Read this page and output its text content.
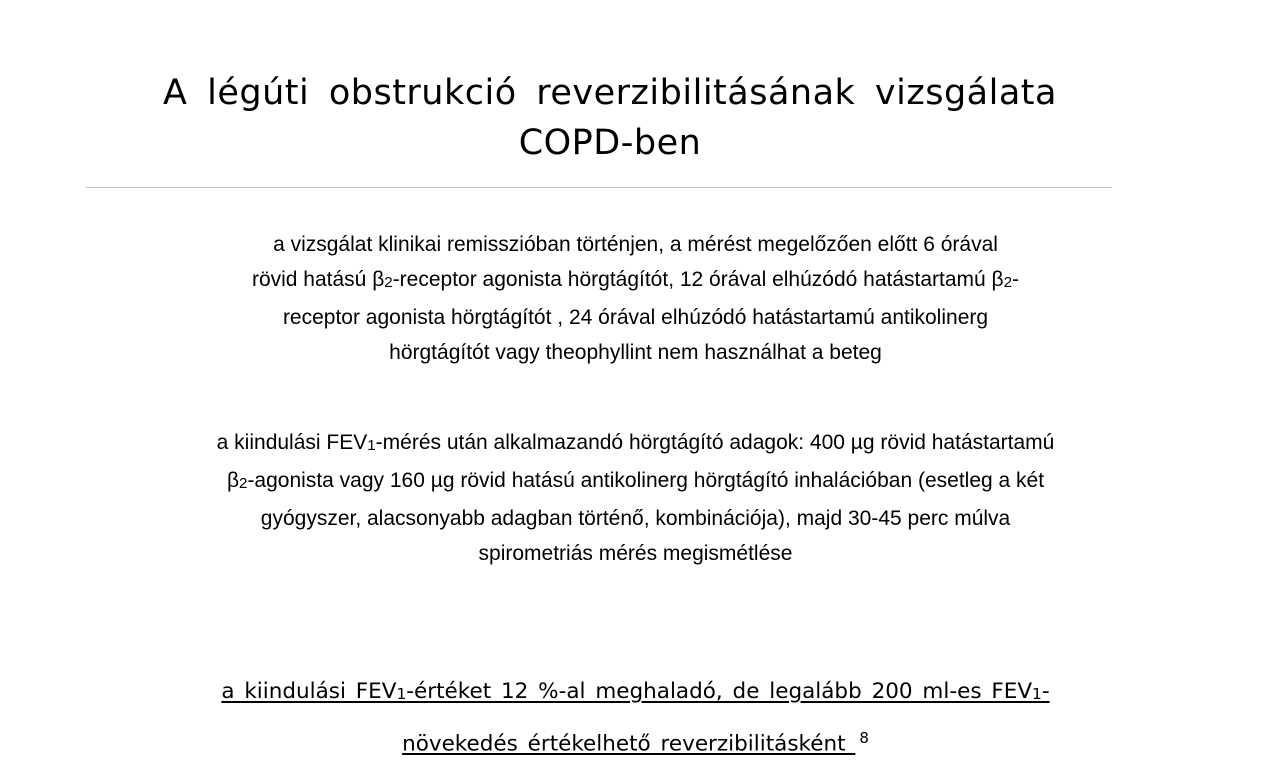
A légúti obstrukció reverzibilitásának vizsgálata
COPD-ben
a vizsgálat klinikai remisszióban történjen, a mérést megelőzően előtt 6 órával
rövid hatású β2-receptor agonista hörgtágítót, 12 órával elhúzódó hatástartamú β2-
receptor agonista hörgtágítót , 24 órával elhúzódó hatástartamú antikolinerg
hörgtágítót vagy theophyllint nem használhat a beteg
a kiindulási FEV1-mérés után alkalmazandó hörgtágító adagok: 400 µg rövid hatástartamú
β2-agonista vagy 160 µg rövid hatású antikolinerg hörgtágító inhalációban (esetleg a két
gyógyszer, alacsonyabb adagban történő, kombinációja), majd 30-45 perc múlva
spirometriás mérés megismétlése
a kiindulási FEV1-értéket 12 %-al meghaladó, de legalább 200 ml-es FEV1-
növekedés értékelhető reverzibilitásként $^8$
